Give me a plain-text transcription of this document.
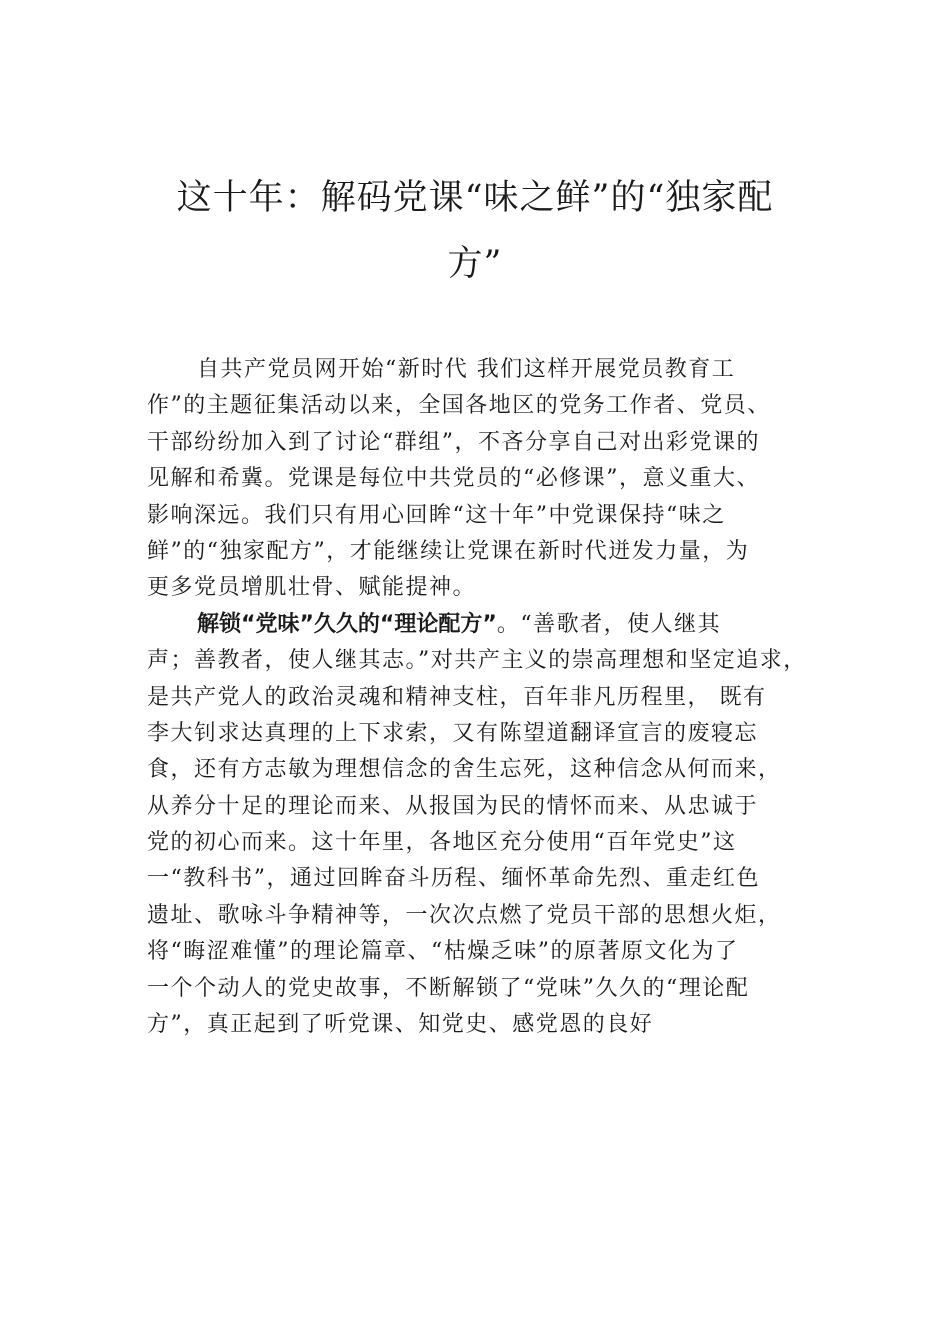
这十年：解码党课“味之鲜”的“独家配
方”
自共产党员网开始“新时代 我们这样开展党员教育工
作”的主题征集活动以来，全国各地区的党务工作者、党员、
干部纷纷加入到了讨论“群组”，不吝分享自己对出彩党课的
见解和希冀。党课是每位中共党员的“必修课”，意义重大、
影响深远。我们只有用心回眸“这十年”中党课保持“味之
鲜”的“独家配方”，才能继续让党课在新时代迸发力量，为
更多党员增肌壮骨、赋能提神。
解锁“党味”久久的“理论配方”。“善歌者，使人继其
声；善教者，使人继其志。”对共产主义的崇高理想和坚定追求，
是共产党人的政治灵魂和精神支柱，百年非凡历程里， 既有
李大钊求达真理的上下求索，又有陈望道翻译宣言的废寝忘
食，还有方志敏为理想信念的舍生忘死，这种信念从何而来，
从养分十足的理论而来、从报国为民的情怀而来、从忠诚于
党的初心而来。这十年里，各地区充分使用“百年党史”这
一“教科书”，通过回眸奋斗历程、缅怀革命先烈、重走红色
遗址、歌咏斗争精神等，一次次点燃了党员干部的思想火炬，
将“晦涩难懂”的理论篇章、“枯燥乏味”的原著原文化为了
一个个动人的党史故事，不断解锁了“党味”久久的“理论配
方”，真正起到了听党课、知党史、感党恩的良好
